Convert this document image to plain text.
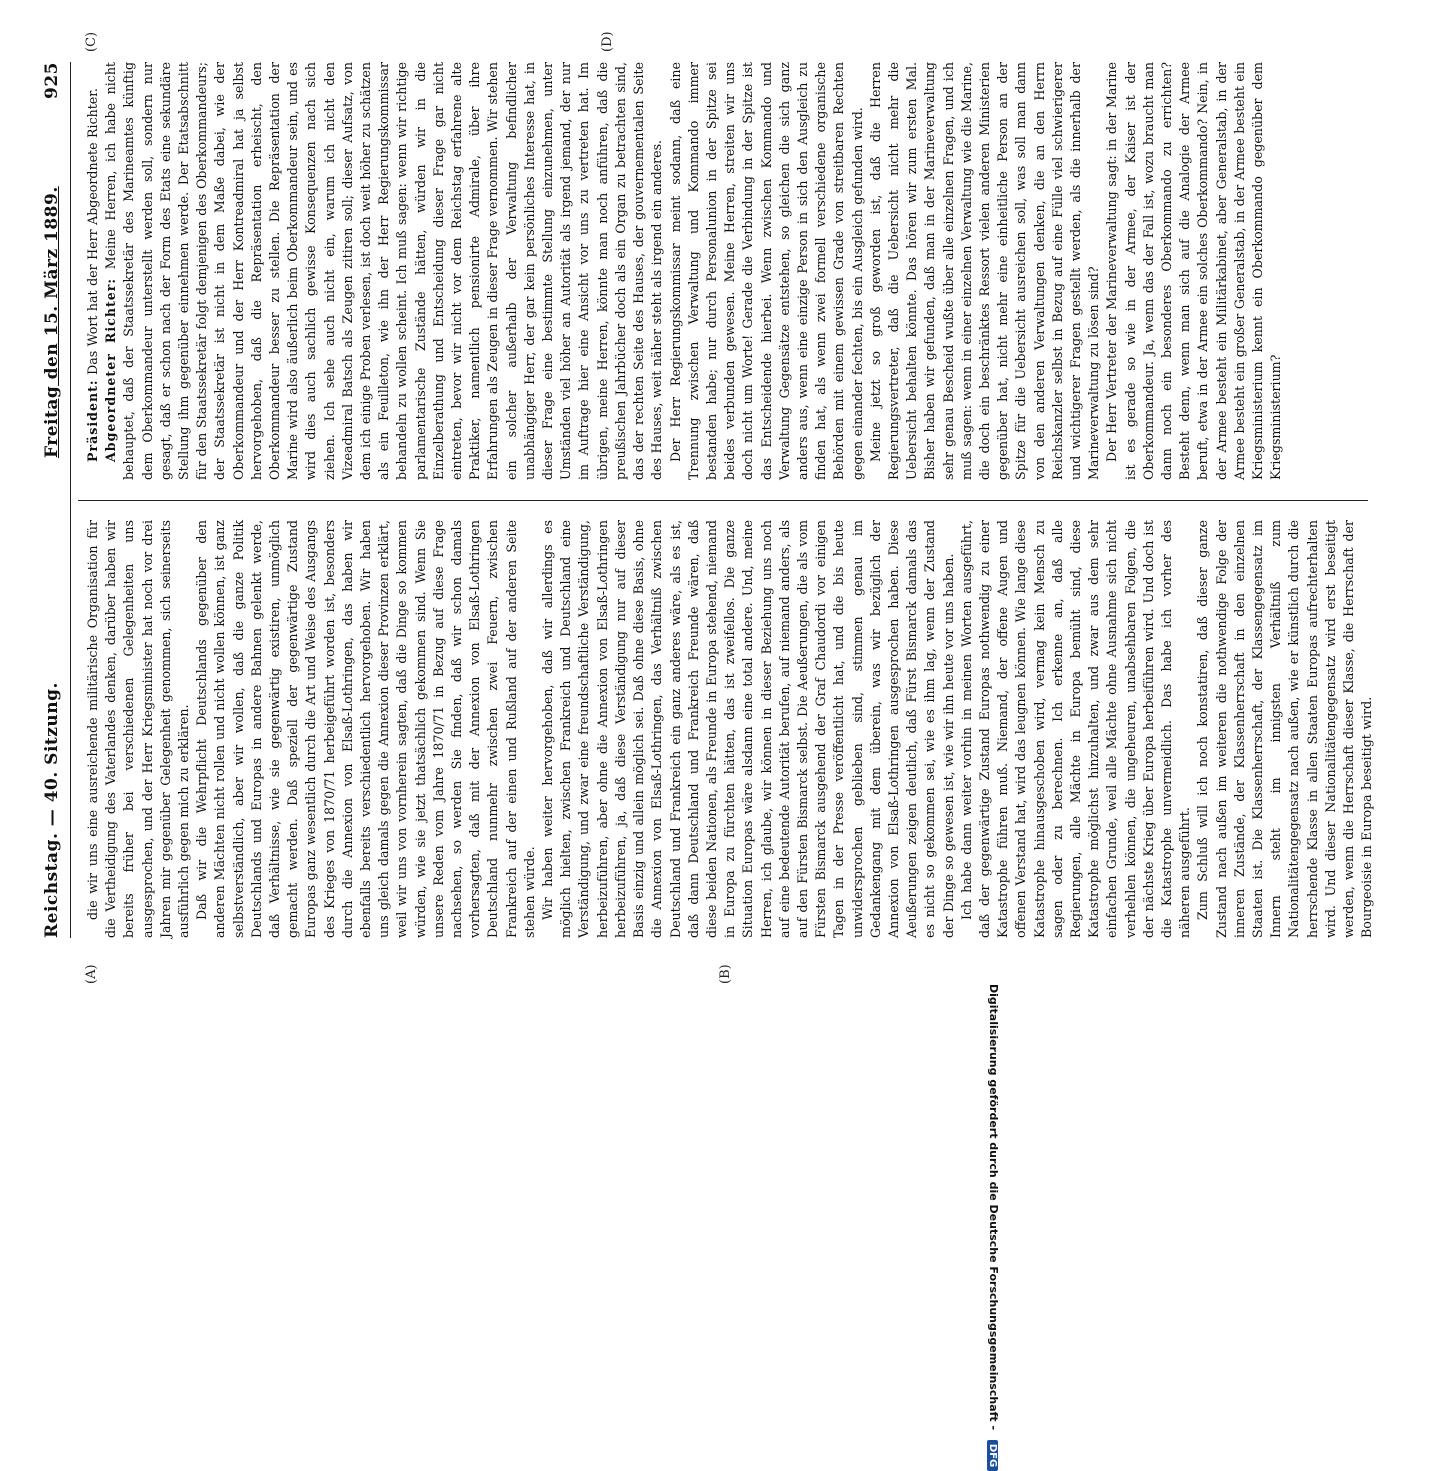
Reichstag. — 40. Sitzung.
Freitag den 15. März 1889.
925
(A)	(B)
(C)	(D)

die wir uns eine ausreichende militärische Organisation für die Vertheidigung des Vaterlandes denken, darüber haben wir bereits früher bei verschiedenen Gelegenheiten uns ausgesprochen, und der Herr Kriegsminister hat noch vor drei Jahren mir gegenüber Gelegenheit genommen, sich seinerseits ausführlich gegen mich zu erklären. Daß wir die Wehrpflicht Deutschlands gegenüber den anderen Mächten nicht rollen und nicht wollen können, ist ganz selbstverständlich, aber wir wollen, daß die ganze Politik Deutschlands und Europas in andere Bahnen gelenkt werde, daß Verhältnisse, wie sie gegenwärtig existiren, unmöglich gemacht werden. Daß speziell der gegenwärtige Zustand Europas ganz wesentlich durch die Art und Weise des Ausgangs des Krieges von 1870/71 herbeigeführt worden ist, besonders durch die Annexion von Elsaß-Lothringen, das haben wir ebenfalls bereits verschiedentlich hervorgehoben. Wir haben uns gleich damals gegen die Annexion dieser Provinzen erklärt, weil wir uns von vornherein sagten, daß die Dinge so kommen würden, wie sie jetzt thatsächlich gekommen sind. Wenn Sie unsere Reden vom Jahre 1870/71 in Bezug auf diese Frage nachsehen, so werden Sie finden, daß wir schon damals vorhersagten, daß mit der Annexion von Elsaß-Lothringen Deutschland nunmehr zwischen zwei Feuern, zwischen Frankreich auf der einen und Rußland auf der anderen Seite stehen würde. Wir haben weiter hervorgehoben, daß wir allerdings es möglich hielten, zwischen Frankreich und Deutschland eine Verständigung, und zwar eine freundschaftliche Verständigung, herbeizuführen, aber ohne die Annexion von Elsaß-Lothringen herbeizuführen, ja, daß diese Verständigung nur auf dieser Basis einzig und allein möglich sei. Daß ohne diese Basis, ohne die Annexion von Elsaß-Lothringen, das Verhältniß zwischen Deutschland und Frankreich ein ganz anderes wäre, als es ist, daß dann Deutschland und Frankreich Freunde wären, daß diese beiden Nationen, als Freunde in Europa stehend, niemand in Europa zu fürchten hätten, das ist zweifellos. Die ganze Situation Europas wäre alsdann eine total andere. Und, meine Herren, ich glaube, wir können in dieser Beziehung uns noch auf eine bedeutende Autorität berufen, auf niemand anders, als auf den Fürsten Bismarck selbst. Die Aeußerungen, die als vom Fürsten Bismarck ausgehend der Graf Chaudordi vor einigen Tagen in der Presse veröffentlicht hat, und die bis heute unwidersprochen geblieben sind, stimmen genau im Gedankengang mit dem überein, was wir bezüglich der Annexion von Elsaß-Lothringen ausgesprochen haben. Diese Aeußerungen zeigen deutlich, daß Fürst Bismarck damals das es nicht so gekommen sei, wie es ihm lag, wenn der Zustand der Dinge so gewesen ist, wie wir ihn heute vor uns haben. Ich habe dann weiter vorhin in meinen Worten ausgeführt, daß der gegenwärtige Zustand Europas nothwendig zu einer Katastrophe führen muß. Niemand, der offene Augen und offenen Verstand hat, wird das leugnen können. Wie lange diese Katastrophe hinausgeschoben wird, vermag kein Mensch zu sagen oder zu berechnen. Ich erkenne an, daß alle Regierungen, alle Mächte in Europa bemüht sind, diese Katastrophe möglichst hinzuhalten, und zwar aus dem sehr einfachen Grunde, weil alle Mächte ohne Ausnahme sich nicht verhehlen können, die ungeheuren, unabsehbaren Folgen, die der nächste Krieg über Europa herbeiführen wird. Und doch ist die Katastrophe unvermeidlich. Das habe ich vorher des näheren ausgeführt. Zum Schluß will ich noch konstatiren, daß dieser ganze Zustand nach außen im weiteren die nothwendige Folge der inneren Zustände, der Klassenherrschaft in den einzelnen Staaten ist. Die Klassenherrschaft, der Klassengegensatz im Innern steht im innigsten Verhältniß zum Nationalitätengegensatz nach außen, wie er künstlich durch die herrschende Klasse in allen Staaten Europas aufrechterhalten wird. Und dieser Nationalitätengegensatz wird erst beseitigt werden, wenn die Herrschaft dieser Klasse, die Herrschaft der Bourgeoisie in Europa beseitigt wird.

Präsident: Das Wort hat der Herr Abgeordnete Richter. Abgeordneter Richter: Meine Herren, ich habe nicht behauptet, daß der Staatssekretär des Marineamtes künftig dem Oberkommandeur unterstellt werden soll, sondern nur gesagt, daß er schon nach der Form des Etats eine sekundäre Stellung ihm gegenüber einnehmen werde. Der Etatsabschnitt für den Staatssekretär folgt demjenigen des Oberkommandeurs; der Staatssekretär ist nicht in dem Maße dabei, wie der Oberkommandeur und der Herr Kontreadmiral hat ja selbst hervorgehoben, daß die Repräsentation erheischt, den Oberkommandeur besser zu stellen. Die Repräsentation der Marine wird also äußerlich beim Oberkommandeur sein, und es wird dies auch sachlich gewisse Konsequenzen nach sich ziehen. Ich sehe auch nicht ein, warum ich nicht den Vizeadmiral Batsch als Zeugen zitiren soll; dieser Aufsatz, von dem ich einige Proben verlesen, ist doch weit höher zu schätzen als ein Feuilleton, wie ihn der Herr Regierungskommissar behandeln zu wollen scheint. Ich muß sagen: wenn wir richtige parlamentarische Zustände hätten, würden wir in die Einzelberathung und Entscheidung dieser Frage gar nicht eintreten, bevor wir nicht vor dem Reichstag erfahrene alte Praktiker, namentlich pensionirte Admirale, über ihre Erfahrungen als Zeugen in dieser Frage vernommen. Wir stehen ein solcher außerhalb der Verwaltung befindlicher unabhängiger Herr, der gar kein persönliches Interesse hat, in dieser Frage eine bestimmte Stellung einzunehmen, unter Umständen viel höher an Autorität als irgend jemand, der nur im Auftrage hier eine Ansicht vor uns zu vertreten hat. Im übrigen, meine Herren, könnte man noch anführen, daß die preußischen Jahrbücher doch als ein Organ zu betrachten sind, das der rechten Seite des Hauses, der gouvernementalen Seite des Hauses, weit näher steht als irgend ein anderes. Der Herr Regierungskommissar meint sodann, daß eine Trennung zwischen Verwaltung und Kommando immer bestanden habe; nur durch Personalunion in der Spitze sei beides verbunden gewesen. Meine Herren, streiten wir uns doch nicht um Worte! Gerade die Verbindung in der Spitze ist das Entscheidende hierbei. Wenn zwischen Kommando und Verwaltung Gegensätze entstehen, so gleichen die sich ganz anders aus, wenn eine einzige Person in sich den Ausgleich zu finden hat, als wenn zwei formell verschiedene organische Behörden mit einem gewissen Grade von streitbaren Rechten gegen einander fechten, bis ein Ausgleich gefunden wird. Meine jetzt so groß geworden ist, daß die Herren Regierungsvertreter, daß die Uebersicht nicht mehr die Uebersicht behalten könnte. Das hören wir zum ersten Mal. Bisher haben wir gefunden, daß man in der Marineverwaltung sehr genau Bescheid wußte über alle einzelnen Fragen, und ich muß sagen: wenn in einer einzelnen Verwaltung wie die Marine, die doch ein beschränktes Ressort vielen anderen Ministerien gegenüber hat, nicht mehr eine einheitliche Person an der Spitze für die Uebersicht ausreichen soll, was soll man dann von den anderen Verwaltungen denken, die an den Herrn Reichskanzler selbst in Bezug auf eine Fülle viel schwierigerer und wichtigerer Fragen gestellt werden, als die innerhalb der Marineverwaltung zu lösen sind? Der Herr Vertreter der Marineverwaltung sagt: in der Marine ist es gerade so wie in der Armee, der Kaiser ist der Oberkommandeur. Ja, wenn das der Fall ist, wozu braucht man dann noch ein besonderes Oberkommando zu errichten? Besteht denn, wenn man sich auf die Analogie der Armee beruft, etwa in der Armee ein solches Oberkommando? Nein, in der Armee besteht ein Militärkabinet, aber Generalstab, in der Armee besteht ein großer Generalstab, in der Armee besteht ein Kriegsministerium kennt ein Oberkommando gegenüber dem Kriegsministerium?

Digitalisierung gefördert durch die Deutsche Forschungsgemeinschaft - DFG
